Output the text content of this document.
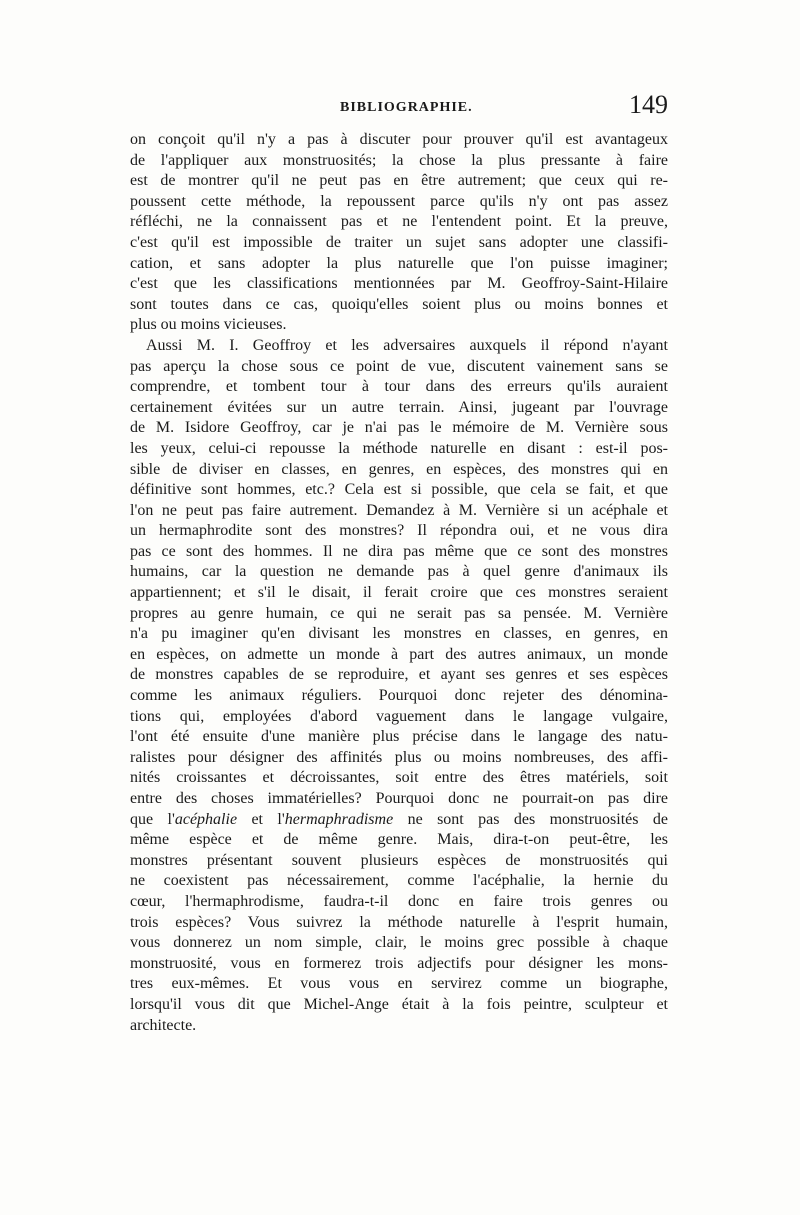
BIBLIOGRAPHIE.	149
on conçoit qu'il n'y a pas à discuter pour prouver qu'il est avantageux
de l'appliquer aux monstruosités; la chose la plus pressante à faire
est de montrer qu'il ne peut pas en être autrement; que ceux qui re-
poussent cette méthode, la repoussent parce qu'ils n'y ont pas assez
réfléchi, ne la connaissent pas et ne l'entendent point. Et la preuve,
c'est qu'il est impossible de traiter un sujet sans adopter une classifi-
cation, et sans adopter la plus naturelle que l'on puisse imaginer;
c'est que les classifications mentionnées par M. Geoffroy-Saint-Hilaire
sont toutes dans ce cas, quoiqu'elles soient plus ou moins bonnes et
plus ou moins vicieuses.
Aussi M. I. Geoffroy et les adversaires auxquels il répond n'ayant
pas aperçu la chose sous ce point de vue, discutent vainement sans se
comprendre, et tombent tour à tour dans des erreurs qu'ils auraient
certainement évitées sur un autre terrain. Ainsi, jugeant par l'ouvrage
de M. Isidore Geoffroy, car je n'ai pas le mémoire de M. Vernière sous
les yeux, celui-ci repousse la méthode naturelle en disant : est-il pos-
sible de diviser en classes, en genres, en espèces, des monstres qui en
définitive sont hommes, etc.? Cela est si possible, que cela se fait, et que
l'on ne peut pas faire autrement. Demandez à M. Vernière si un acéphale et
un hermaphrodite sont des monstres? Il répondra oui, et ne vous dira
pas ce sont des hommes. Il ne dira pas même que ce sont des monstres
humains, car la question ne demande pas à quel genre d'animaux ils
appartiennent; et s'il le disait, il ferait croire que ces monstres seraient
propres au genre humain, ce qui ne serait pas sa pensée. M. Vernière
n'a pu imaginer qu'en divisant les monstres en classes, en genres, en
en espèces, on admette un monde à part des autres animaux, un monde
de monstres capables de se reproduire, et ayant ses genres et ses espèces
comme les animaux réguliers. Pourquoi donc rejeter des dénomina-
tions qui, employées d'abord vaguement dans le langage vulgaire,
l'ont été ensuite d'une manière plus précise dans le langage des natu-
ralistes pour désigner des affinités plus ou moins nombreuses, des affi-
nités croissantes et décroissantes, soit entre des êtres matériels, soit
entre des choses immatérielles? Pourquoi donc ne pourrait-on pas dire
que l'acéphalie et l'hermaphradisme ne sont pas des monstruosités de
même espèce et de même genre. Mais, dira-t-on peut-être, les
monstres présentant souvent plusieurs espèces de monstruosités qui
ne coexistent pas nécessairement, comme l'acéphalie, la hernie du
cœur, l'hermaphrodisme, faudra-t-il donc en faire trois genres ou
trois espèces? Vous suivrez la méthode naturelle à l'esprit humain,
vous donnerez un nom simple, clair, le moins grec possible à chaque
monstruosité, vous en formerez trois adjectifs pour désigner les mons-
tres eux-mêmes. Et vous vous en servirez comme un biographe,
lorsqu'il vous dit que Michel-Ange était à la fois peintre, sculpteur et
architecte.
